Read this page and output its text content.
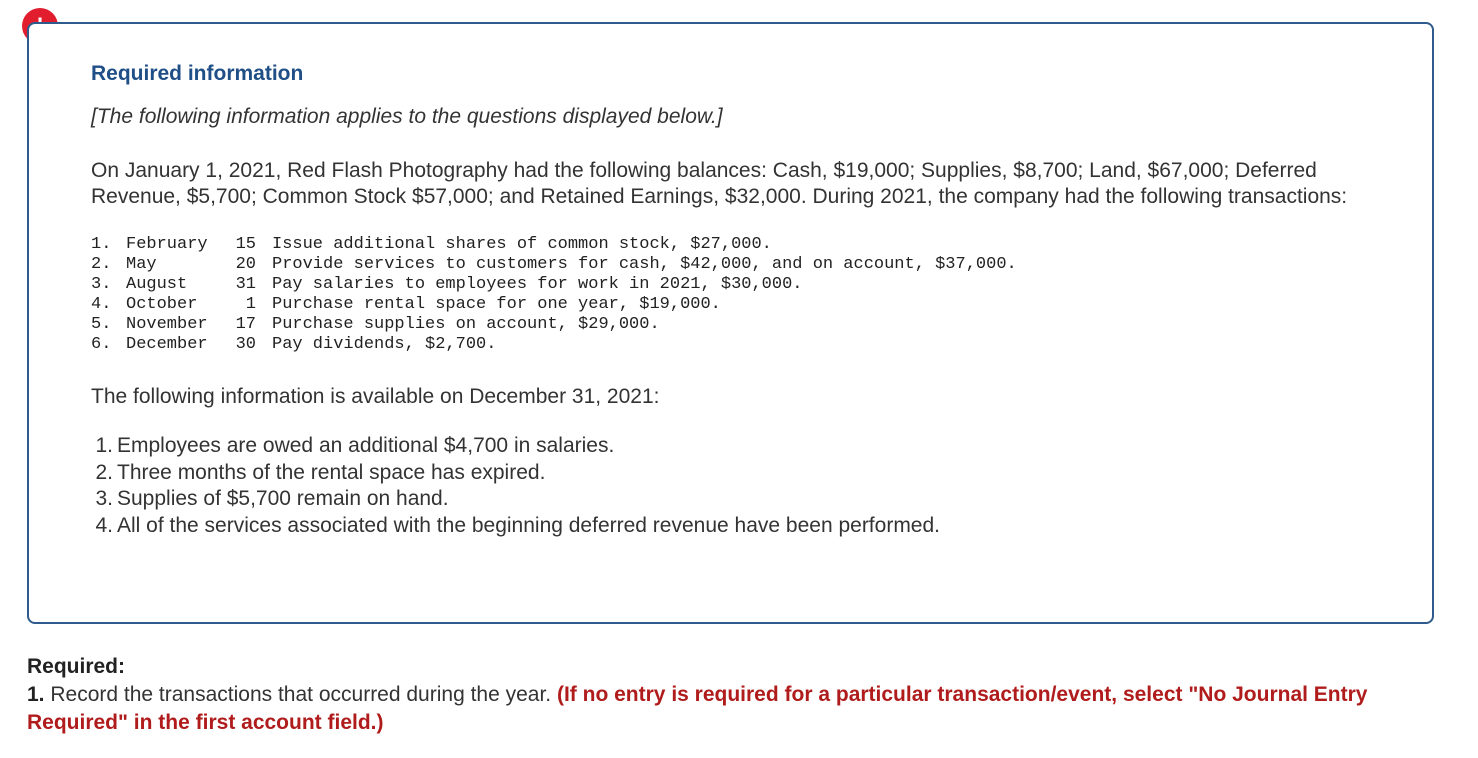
Required information
[The following information applies to the questions displayed below.]
On January 1, 2021, Red Flash Photography had the following balances: Cash, $19,000; Supplies, $8,700; Land, $67,000; Deferred Revenue, $5,700; Common Stock $57,000; and Retained Earnings, $32,000. During 2021, the company had the following transactions:
1. February	15 Issue additional shares of common stock, $27,000.
2. May	20 Provide services to customers for cash, $42,000, and on account, $37,000.
3. August	31 Pay salaries to employees for work in 2021, $30,000.
4. October	1 Purchase rental space for one year, $19,000.
5. November	17 Purchase supplies on account, $29,000.
6. December	30 Pay dividends, $2,700.
The following information is available on December 31, 2021:
1. Employees are owed an additional $4,700 in salaries.
2. Three months of the rental space has expired.
3. Supplies of $5,700 remain on hand.
4. All of the services associated with the beginning deferred revenue have been performed.
Required:
1. Record the transactions that occurred during the year. (If no entry is required for a particular transaction/event, select "No Journal Entry Required" in the first account field.)
